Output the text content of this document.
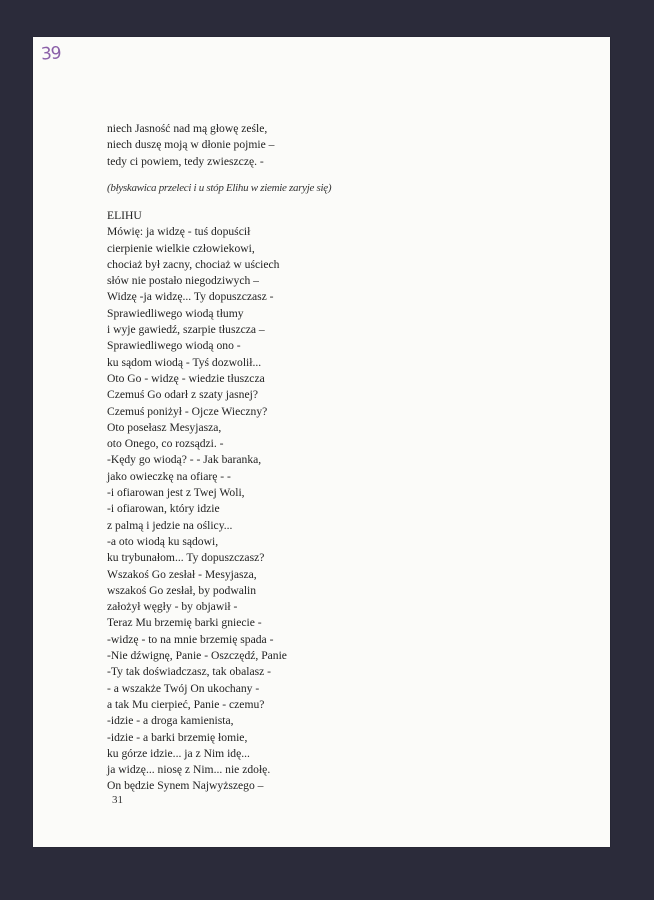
39
niech Jasność nad mą głowę ześle,
niech duszę moją w dłonie pojmie –
tedy ci powiem, tedy zwieszczę. -
(błyskawica przeleci i u stóp Elihu w ziemie zaryje się)
ELIHU
Mówię: ja widzę - tuś dopuścił
cierpienie wielkie człowiekowi,
chociaż był zacny, chociaż w uściech
słów nie postało niegodziwych –
Widzę -ja widzę... Ty dopuszczasz -
Sprawiedliwego wiodą tłumy
i wyje gawiedź, szarpie tłuszcza –
Sprawiedliwego wiodą ono -
ku sądom wiodą - Tyś dozwolił...
Oto Go - widzę - wiedzie tłuszcza
Czemuś Go odarł z szaty jasnej?
Czemuś poniżył - Ojcze Wieczny?
Oto posełasz Mesyjasza,
oto Onego, co rozsądzi. -
-Kędy go wiodą? - - Jak baranka,
jako owieczkę na ofiarę - -
-i ofiarowan jest z Twej Woli,
-i ofiarowan, który idzie
z palmą i jedzie na oślicy...
-a oto wiodą ku sądowi,
ku trybunałom... Ty dopuszczasz?
Wszakoś Go zesłał - Mesyjasza,
wszakoś Go zesłał, by podwalin
założył węgły - by objawił -
Teraz Mu brzemię barki gniecie -
-widzę - to na mnie brzemię spada -
-Nie dźwignę, Panie - Oszczędź, Panie
-Ty tak doświadczasz, tak obalasz -
- a wszakże Twój On ukochany -
a tak Mu cierpieć, Panie - czemu?
-idzie - a droga kamienista,
-idzie - a barki brzemię łomie,
ku górze idzie... ja z Nim idę...
ja widzę... niosę z Nim... nie zdołę.
On będzie Synem Najwyższego –
31
